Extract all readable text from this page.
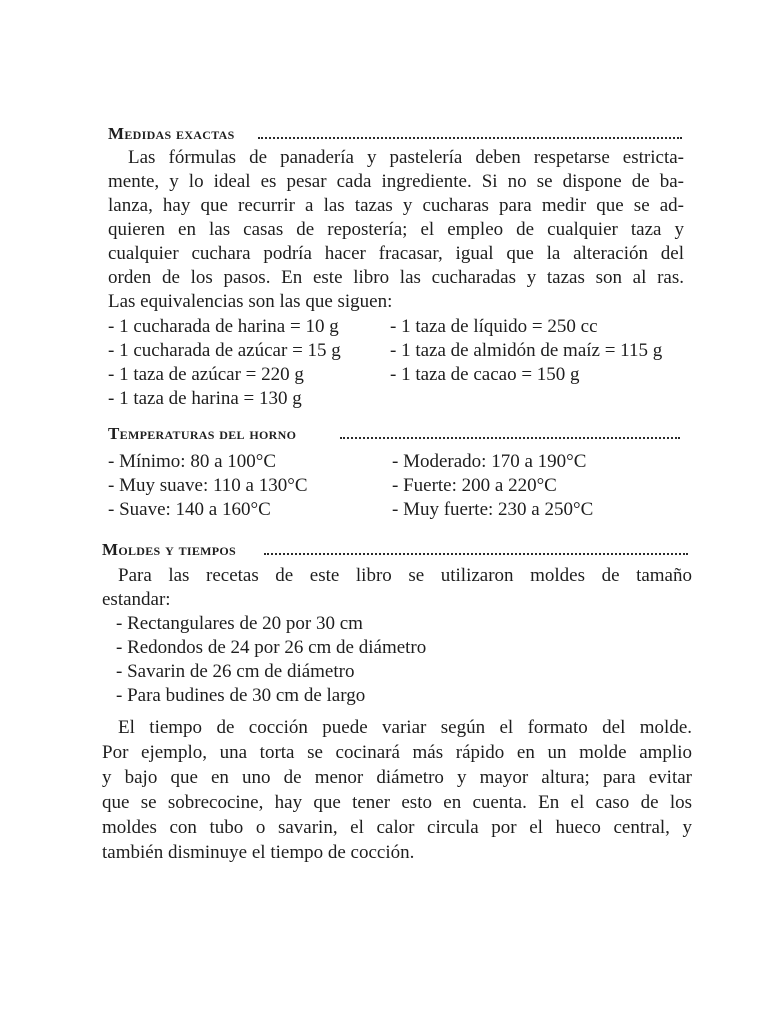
Medidas exactas
Las fórmulas de panadería y pastelería deben respetarse estricta-
mente, y lo ideal es pesar cada ingrediente. Si no se dispone de ba-
lanza, hay que recurrir a las tazas y cucharas para medir que se ad-
quieren en las casas de repostería; el empleo de cualquier taza y
cualquier cuchara podría hacer fracasar, igual que la alteración del
orden de los pasos. En este libro las cucharadas y tazas son al ras.
Las equivalencias son las que siguen:
- 1 cucharada de harina = 10 g
- 1 cucharada de azúcar = 15 g
- 1 taza de azúcar = 220 g
- 1 taza de harina = 130 g
- 1 taza de líquido = 250 cc
- 1 taza de almidón de maíz = 115 g
- 1 taza de cacao = 150 g
Temperaturas del horno
- Mínimo: 80 a 100°C
- Muy suave: 110 a 130°C
- Suave: 140 a 160°C
- Moderado: 170 a 190°C
- Fuerte: 200 a 220°C
- Muy fuerte: 230 a 250°C
Moldes y tiempos
Para las recetas de este libro se utilizaron moldes de tamaño
estandar:
- Rectangulares de 20 por 30 cm
- Redondos de 24 por 26 cm de diámetro
- Savarin de 26 cm de diámetro
- Para budines de 30 cm de largo
El tiempo de cocción puede variar según el formato del molde.
Por ejemplo, una torta se cocinará más rápido en un molde amplio
y bajo que en uno de menor diámetro y mayor altura; para evitar
que se sobrecocine, hay que tener esto en cuenta. En el caso de los
moldes con tubo o savarin, el calor circula por el hueco central, y
también disminuye el tiempo de cocción.
